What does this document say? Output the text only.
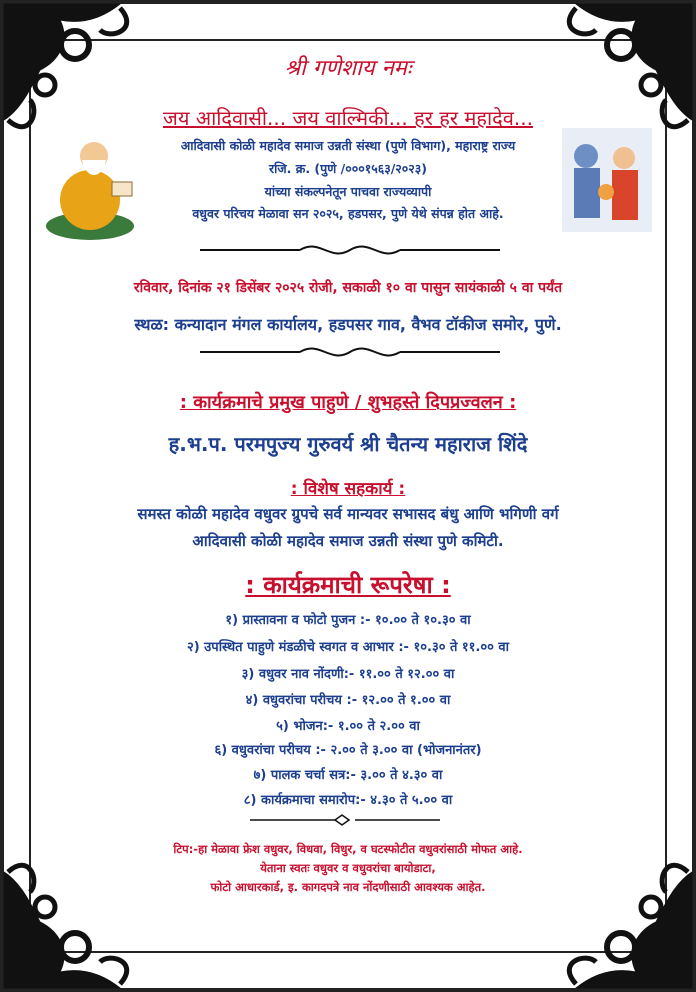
श्री गणेशाय नमः
जय आदिवासी... जय वाल्मिकी... हर हर महादेव...
आदिवासी कोळी महादेव समाज उन्नती संस्था (पुणे विभाग), महाराष्ट्र राज्य
रजि. क्र. (पुणे /०००१५६३/२०२३)
यांच्या संकल्पनेतून पाचवा राज्यव्यापी
वधुवर परिचय मेळावा सन २०२५, हडपसर, पुणे येथे संपन्न होत आहे.
रविवार, दिनांक २१ डिसेंबर २०२५ रोजी, सकाळी १० वा पासुन सायंकाळी ५ वा पर्यंत
स्थळ: कन्यादान मंगल कार्यालय, हडपसर गाव, वैभव टॉकीज समोर, पुणे.
: कार्यक्रमाचे प्रमुख पाहुणे / शुभहस्ते दिपप्रज्वलन :
ह.भ.प. परमपुज्य गुरुवर्य श्री चैतन्य महाराज शिंदे
: विशेष सहकार्य :
समस्त कोळी महादेव वधुवर ग्रुपचे सर्व मान्यवर सभासद बंधु आणि भगिणी वर्ग
आदिवासी कोळी महादेव समाज उन्नती संस्था पुणे कमिटी.
: कार्यक्रमाची रूपरेषा :
१) प्रास्तावना व फोटो पुजन :- १०.०० ते १०.३० वा
२) उपस्थित पाहुणे मंडळीचे स्वगत व आभार :- १०.३० ते ११.०० वा
३) वधुवर नाव नोंदणी:- ११.०० ते १२.०० वा
४) वधुवरांचा परीचय :- १२.०० ते १.०० वा
५) भोजन:- १.०० ते २.०० वा
६) वधुवरांचा परीचय :- २.०० ते ३.०० वा (भोजनानंतर)
७) पालक चर्चा सत्र:- ३.०० ते ४.३० वा
८) कार्यक्रमाचा समारोप:- ४.३० ते ५.०० वा
टिप:-हा मेळावा फ्रेश वधुवर, विधवा, विधुर, व घटस्फोटीत वधुवरांसाठी मोफत आहे.
येताना स्वतः वधुवर व वधुवरांचा बायोडाटा,
फोटो आधारकार्ड, इ. कागदपत्रे नाव नोंदणीसाठी आवश्यक आहेत.
